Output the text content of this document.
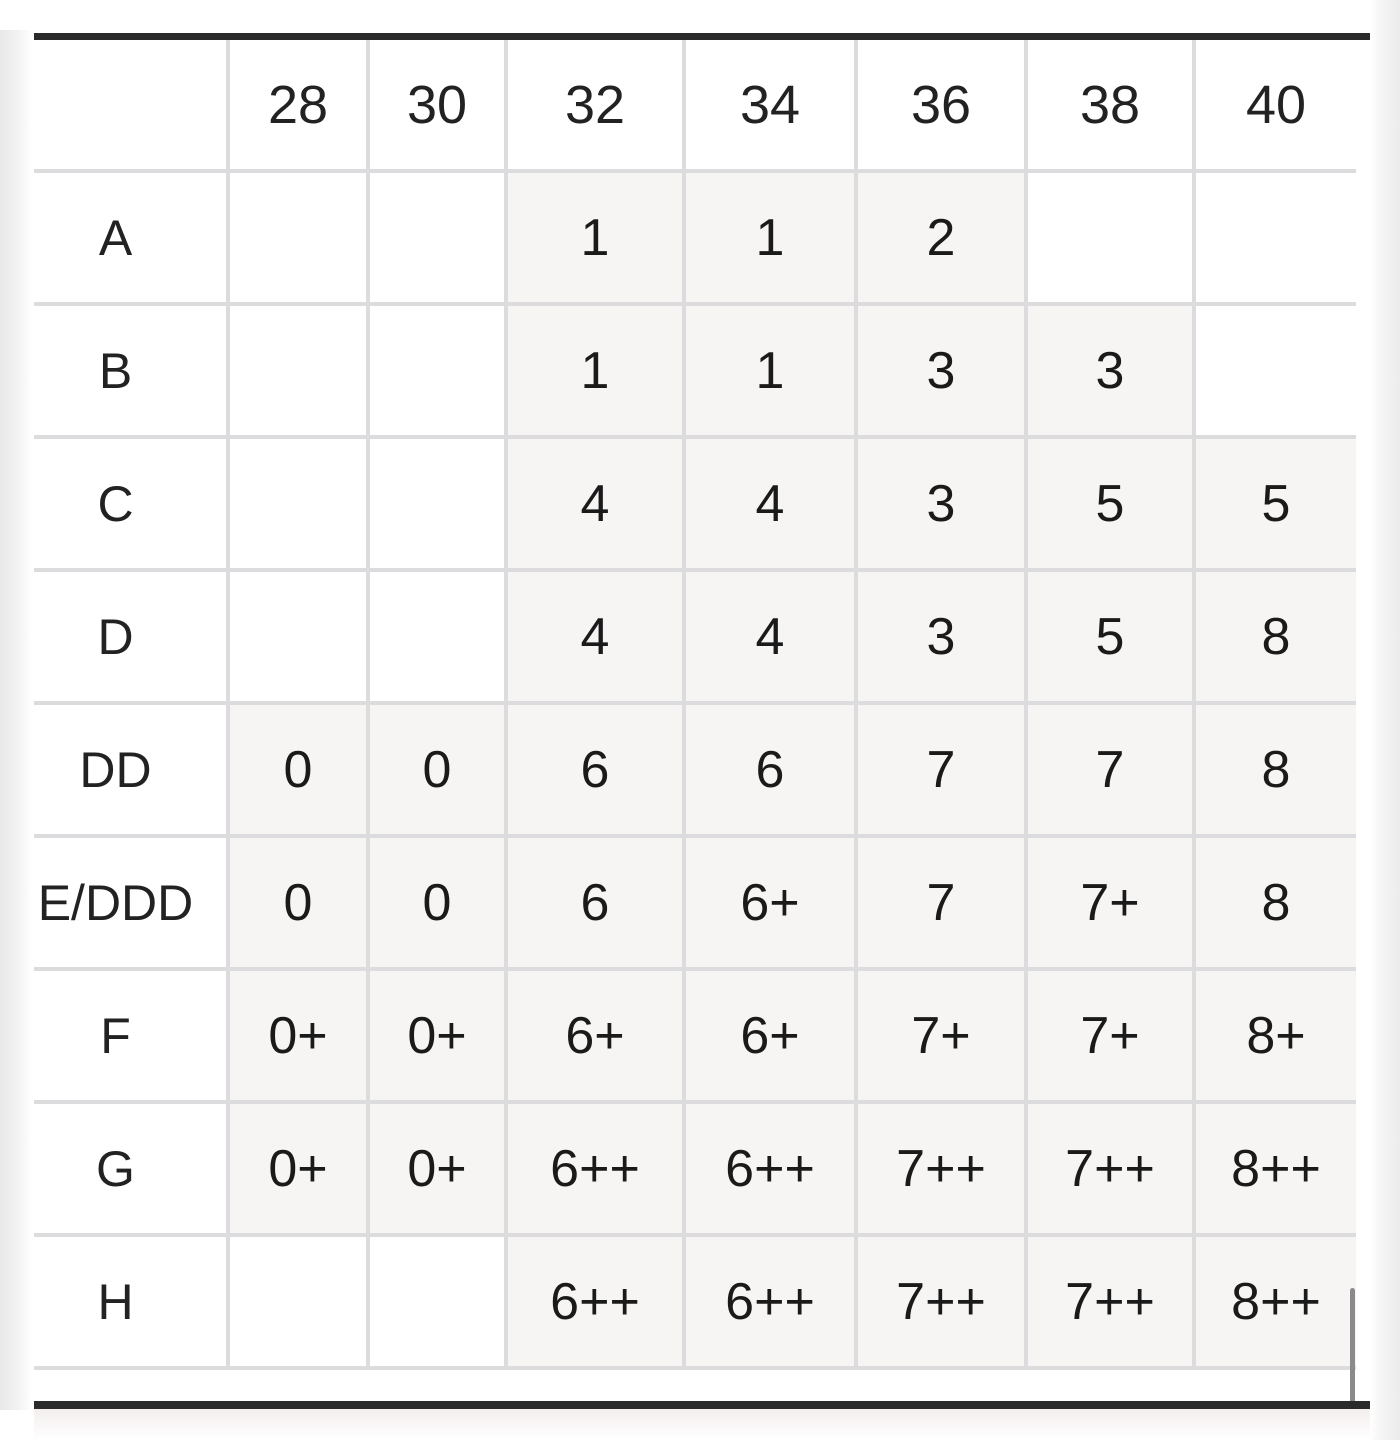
	28	30	32	34	36	38	40
A			1	1	2		
B			1	1	3	3	
C			4	4	3	5	5
D			4	4	3	5	8
DD	0	0	6	6	7	7	8
E/DDD	0	0	6	6+	7	7+	8
F	0+	0+	6+	6+	7+	7+	8+
G	0+	0+	6++	6++	7++	7++	8++
H			6++	6++	7++	7++	8++
